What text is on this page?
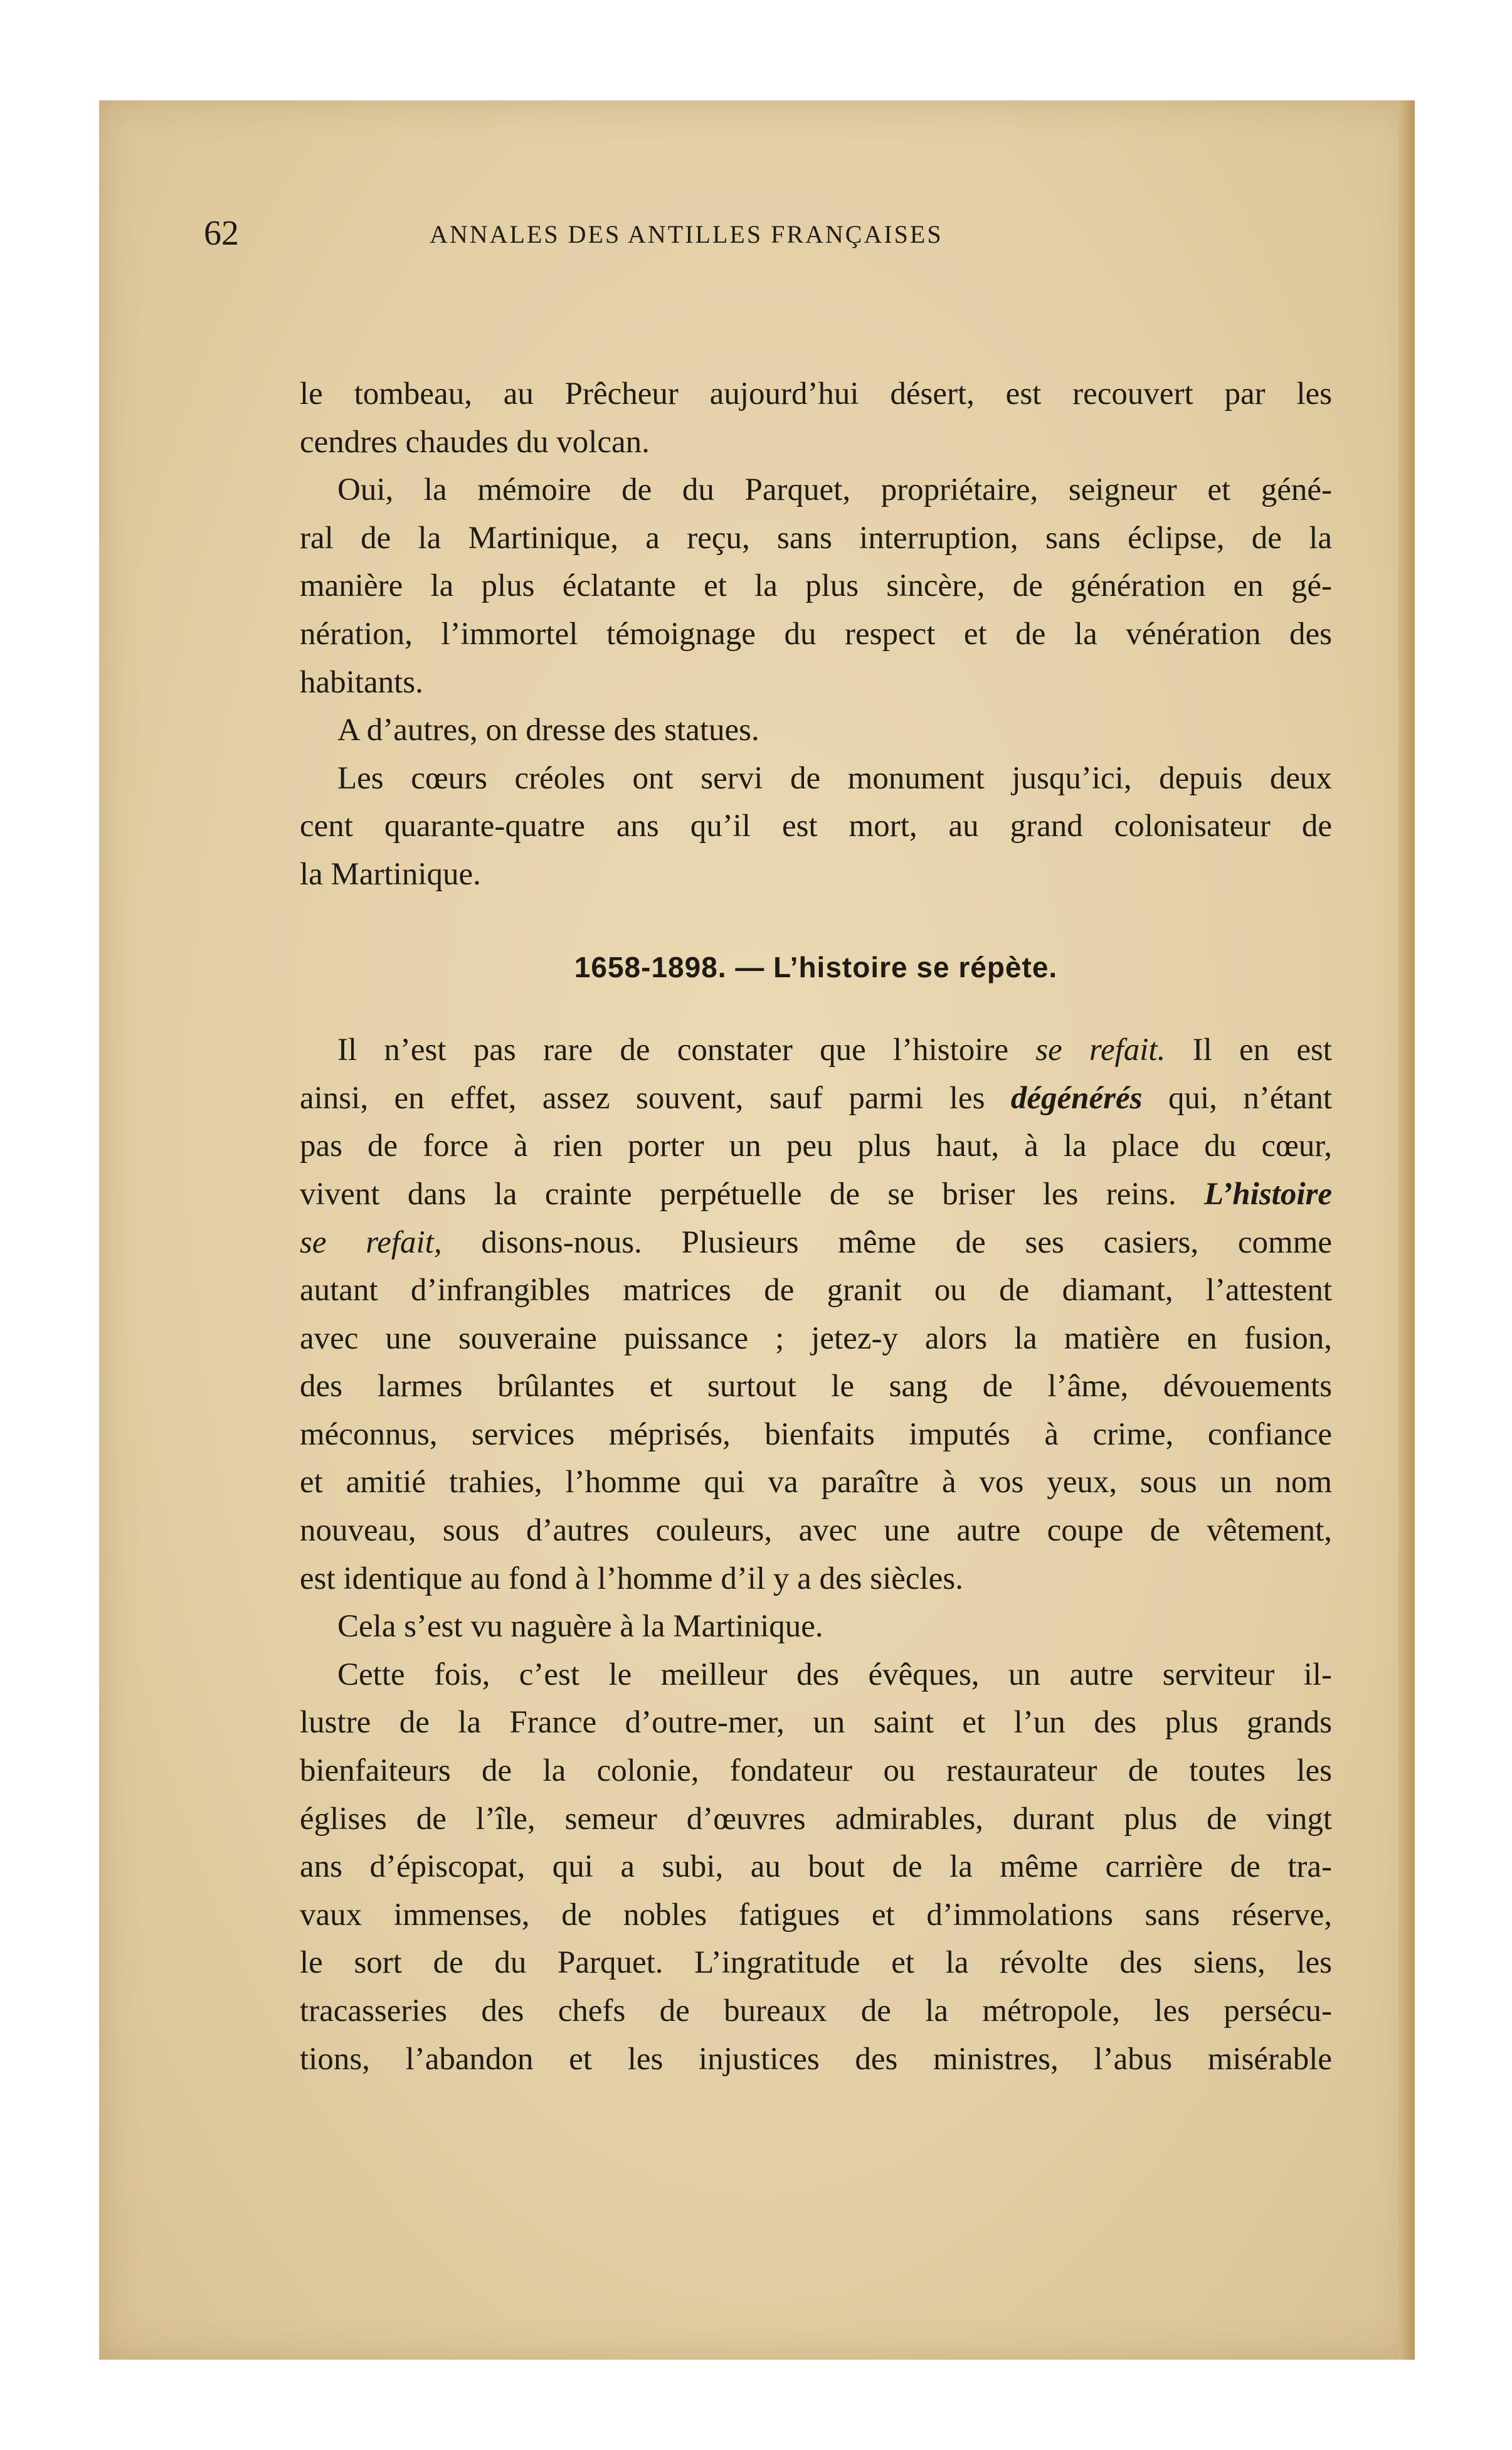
62	ANNALES DES ANTILLES FRANÇAISES
le tombeau, au Prêcheur aujourd’hui désert, est recouvert par les
cendres chaudes du volcan.
Oui, la mémoire de du Parquet, propriétaire, seigneur et géné-
ral de la Martinique, a reçu, sans interruption, sans éclipse, de la
manière la plus éclatante et la plus sincère, de génération en gé-
nération, l’immortel témoignage du respect et de la vénération des
habitants.
A d’autres, on dresse des statues.
Les cœurs créoles ont servi de monument jusqu’ici, depuis deux
cent quarante-quatre ans qu’il est mort, au grand colonisateur de
la Martinique.
1658-1898. — L’histoire se répète.
Il n’est pas rare de constater que l’histoire se refait. Il en est
ainsi, en effet, assez souvent, sauf parmi les dégénérés qui, n’étant
pas de force à rien porter un peu plus haut, à la place du cœur,
vivent dans la crainte perpétuelle de se briser les reins. L’histoire
se refait, disons-nous. Plusieurs même de ses casiers, comme
autant d’infrangibles matrices de granit ou de diamant, l’attestent
avec une souveraine puissance ; jetez-y alors la matière en fusion,
des larmes brûlantes et surtout le sang de l’âme, dévouements
méconnus, services méprisés, bienfaits imputés à crime, confiance
et amitié trahies, l’homme qui va paraître à vos yeux, sous un nom
nouveau, sous d’autres couleurs, avec une autre coupe de vêtement,
est identique au fond à l’homme d’il y a des siècles.
Cela s’est vu naguère à la Martinique.
Cette fois, c’est le meilleur des évêques, un autre serviteur il-
lustre de la France d’outre-mer, un saint et l’un des plus grands
bienfaiteurs de la colonie, fondateur ou restaurateur de toutes les
églises de l’île, semeur d’œuvres admirables, durant plus de vingt
ans d’épiscopat, qui a subi, au bout de la même carrière de tra-
vaux immenses, de nobles fatigues et d’immolations sans réserve,
le sort de du Parquet. L’ingratitude et la révolte des siens, les
tracasseries des chefs de bureaux de la métropole, les persécu-
tions, l’abandon et les injustices des ministres, l’abus misérable
